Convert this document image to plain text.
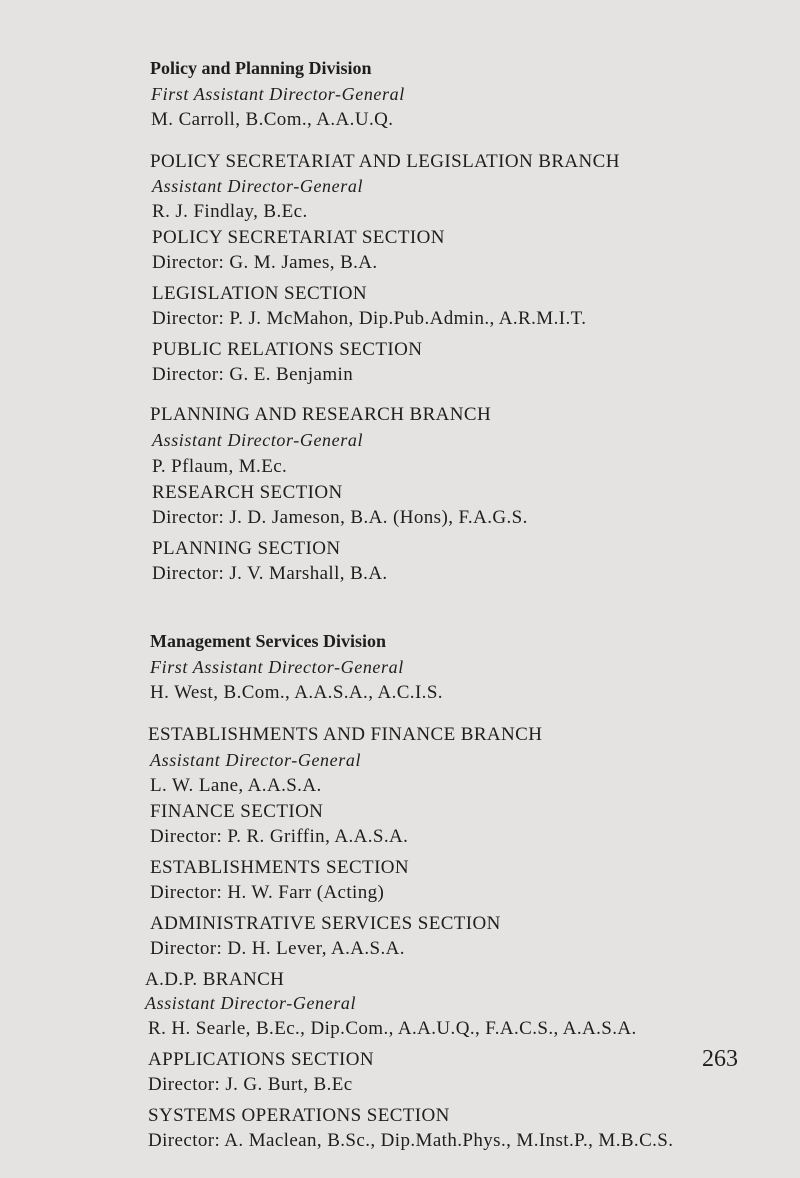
Policy and Planning Division
First Assistant Director-General
M. Carroll, B.Com., A.A.U.Q.
POLICY SECRETARIAT AND LEGISLATION BRANCH
Assistant Director-General
R. J. Findlay, B.Ec.
POLICY SECRETARIAT SECTION
Director: G. M. James, B.A.
LEGISLATION SECTION
Director: P. J. McMahon, Dip.Pub.Admin., A.R.M.I.T.
PUBLIC RELATIONS SECTION
Director: G. E. Benjamin
PLANNING AND RESEARCH BRANCH
Assistant Director-General
P. Pflaum, M.Ec.
RESEARCH SECTION
Director: J. D. Jameson, B.A. (Hons), F.A.G.S.
PLANNING SECTION
Director: J. V. Marshall, B.A.
Management Services Division
First Assistant Director-General
H. West, B.Com., A.A.S.A., A.C.I.S.
ESTABLISHMENTS AND FINANCE BRANCH
Assistant Director-General
L. W. Lane, A.A.S.A.
FINANCE SECTION
Director: P. R. Griffin, A.A.S.A.
ESTABLISHMENTS SECTION
Director: H. W. Farr (Acting)
ADMINISTRATIVE SERVICES SECTION
Director: D. H. Lever, A.A.S.A.
A.D.P. BRANCH
Assistant Director-General
R. H. Searle, B.Ec., Dip.Com., A.A.U.Q., F.A.C.S., A.A.S.A.
APPLICATIONS SECTION
Director: J. G. Burt, B.Ec
SYSTEMS OPERATIONS SECTION
Director: A. Maclean, B.Sc., Dip.Math.Phys., M.Inst.P., M.B.C.S.
263
